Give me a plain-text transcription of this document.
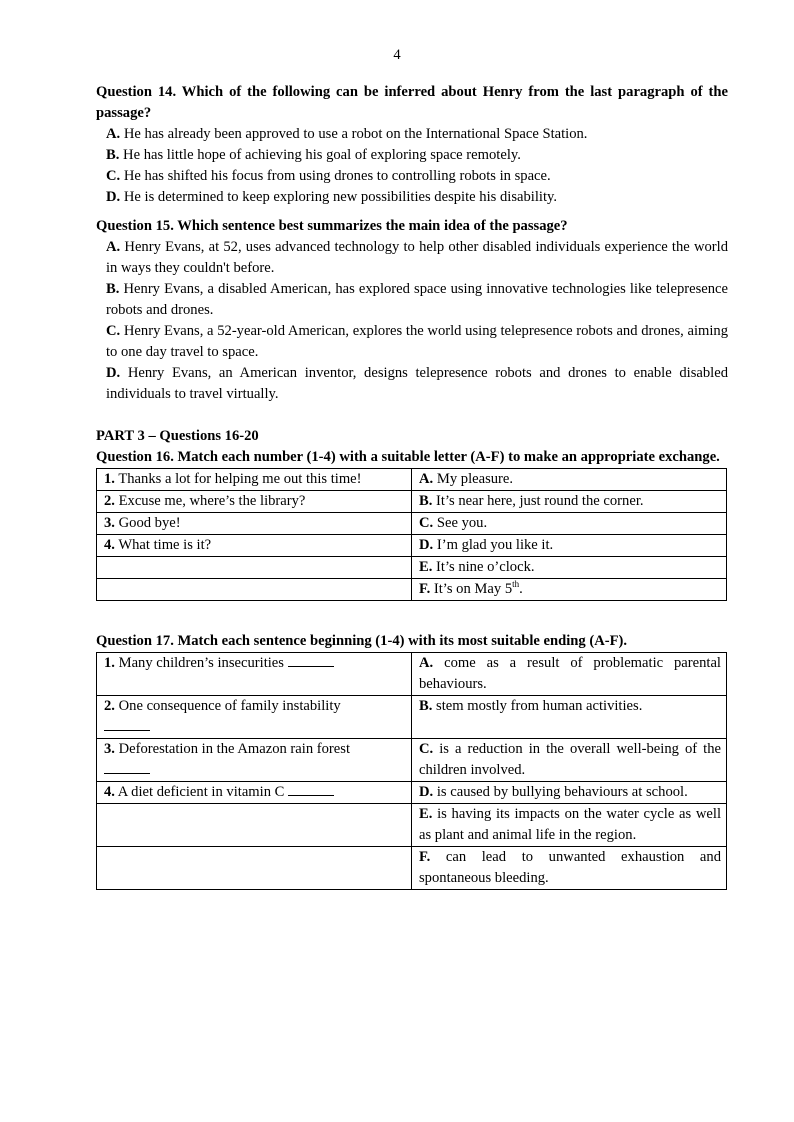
4
Question 14. Which of the following can be inferred about Henry from the last paragraph of the passage?
A. He has already been approved to use a robot on the International Space Station.
B. He has little hope of achieving his goal of exploring space remotely.
C. He has shifted his focus from using drones to controlling robots in space.
D. He is determined to keep exploring new possibilities despite his disability.
Question 15. Which sentence best summarizes the main idea of the passage?
A. Henry Evans, at 52, uses advanced technology to help other disabled individuals experience the world in ways they couldn't before.
B. Henry Evans, a disabled American, has explored space using innovative technologies like telepresence robots and drones.
C. Henry Evans, a 52-year-old American, explores the world using telepresence robots and drones, aiming to one day travel to space.
D. Henry Evans, an American inventor, designs telepresence robots and drones to enable disabled individuals to travel virtually.
PART 3 – Questions 16-20
Question 16. Match each number (1-4) with a suitable letter (A-F) to make an appropriate exchange.
1. Thanks a lot for helping me out this time!	A. My pleasure.
2. Excuse me, where’s the library?	B. It’s near here, just round the corner.
3. Good bye!	C. See you.
4. What time is it?	D. I’m glad you like it.
	E. It’s nine o’clock.
	F. It’s on May 5th.
Question 17. Match each sentence beginning (1-4) with its most suitable ending (A-F).
1. Many children’s insecurities	A. come as a result of problematic parental behaviours.
2. One consequence of family instability	B. stem mostly from human activities.
3. Deforestation in the Amazon rain forest	C. is a reduction in the overall well-being of the children involved.
4. A diet deficient in vitamin C	D. is caused by bullying behaviours at school.
	E. is having its impacts on the water cycle as well as plant and animal life in the region.
	F. can lead to unwanted exhaustion and spontaneous bleeding.
